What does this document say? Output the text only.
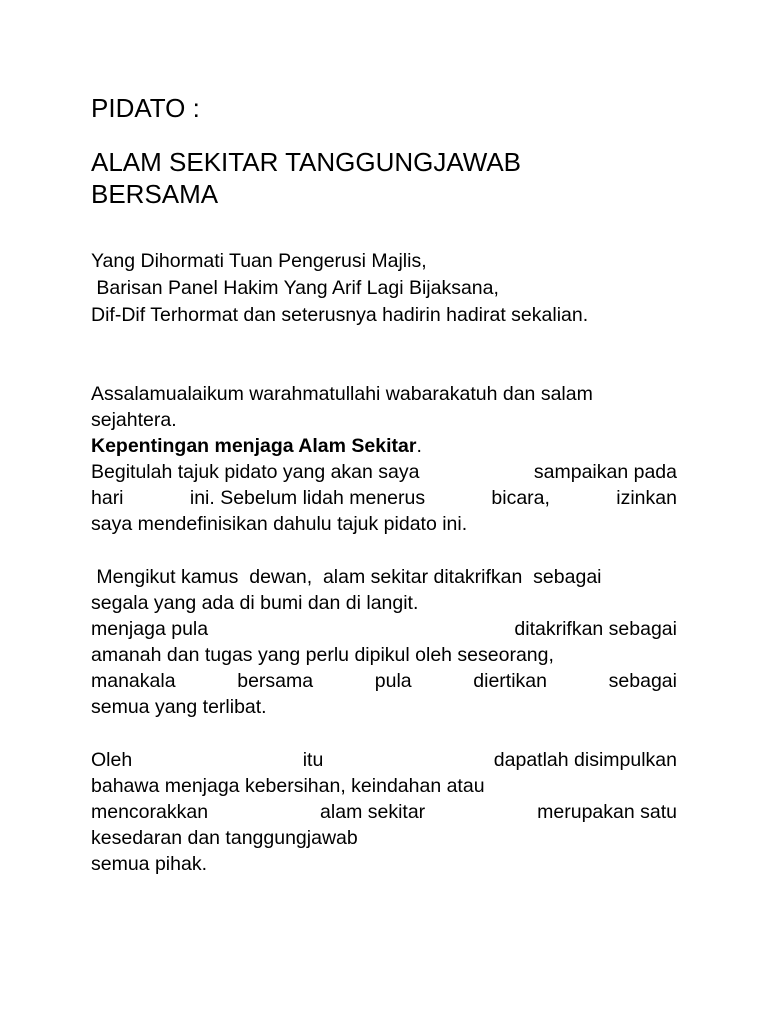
PIDATO :
ALAM SEKITAR TANGGUNGJAWAB
BERSAMA
Yang Dihormati Tuan Pengerusi Majlis,
Barisan Panel Hakim Yang Arif Lagi Bijaksana,
Dif-Dif Terhormat dan seterusnya hadirin hadirat sekalian.
Assalamualaikum warahmatullahi wabarakatuh dan salam
sejahtera.
Kepentingan menjaga Alam Sekitar.
Begitulah tajuk pidato yang akan saya	sampaikan pada
hari	ini. Sebelum lidah menerus	bicara,	izinkan
saya mendefinisikan dahulu tajuk pidato ini.
Mengikut kamus  dewan,  alam sekitar ditakrifkan  sebagai
segala yang ada di bumi dan di langit.
menjaga pula	ditakrifkan sebagai
amanah dan tugas yang perlu dipikul oleh seseorang,
manakala	bersama	pula	diertikan	sebagai
semua yang terlibat.
Oleh	itu	dapatlah disimpulkan
bahawa menjaga kebersihan, keindahan atau
mencorakkan	alam sekitar	merupakan satu
kesedaran dan tanggungjawab
semua pihak.
